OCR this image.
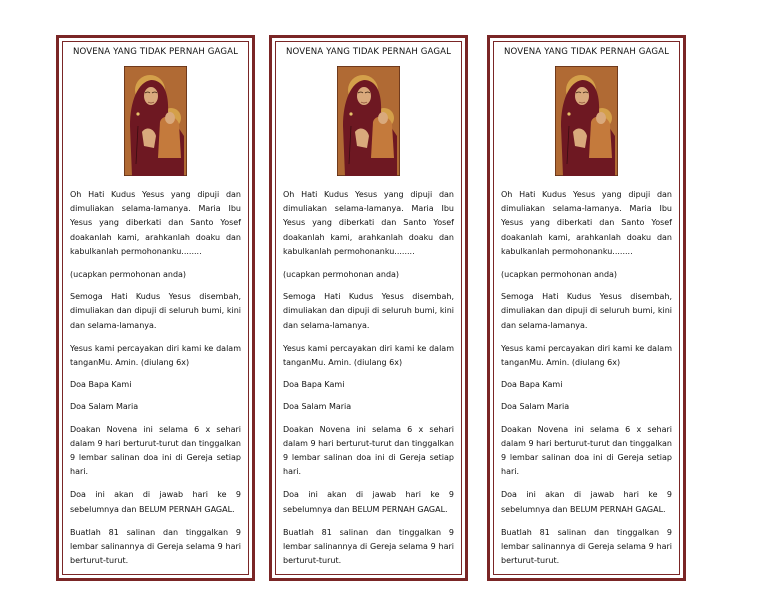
NOVENA YANG TIDAK PERNAH GAGAL

Oh Hati Kudus Yesus yang dipuji dan dimuliakan selama-lamanya. Maria Ibu Yesus yang diberkati dan Santo Yosef doakanlah kami, arahkanlah doaku dan kabulkanlah permohonanku........

(ucapkan permohonan anda)

Semoga Hati Kudus Yesus disembah, dimuliakan dan dipuji di seluruh bumi, kini dan selama-lamanya.

Yesus kami percayakan diri kami ke dalam tanganMu. Amin. (diulang 6x)

Doa Bapa Kami

Doa Salam Maria

Doakan Novena ini selama 6 x sehari dalam 9 hari berturut-turut dan tinggalkan 9 lembar salinan doa ini di Gereja setiap hari.

Doa ini akan di jawab hari ke 9 sebelumnya dan BELUM PERNAH GAGAL.

Buatlah 81 salinan dan tinggalkan 9 lembar salinannya di Gereja selama 9 hari berturut-turut.

NOVENA YANG TIDAK PERNAH GAGAL

Oh Hati Kudus Yesus yang dipuji dan dimuliakan selama-lamanya. Maria Ibu Yesus yang diberkati dan Santo Yosef doakanlah kami, arahkanlah doaku dan kabulkanlah permohonanku........

(ucapkan permohonan anda)

Semoga Hati Kudus Yesus disembah, dimuliakan dan dipuji di seluruh bumi, kini dan selama-lamanya.

Yesus kami percayakan diri kami ke dalam tanganMu. Amin. (diulang 6x)

Doa Bapa Kami

Doa Salam Maria

Doakan Novena ini selama 6 x sehari dalam 9 hari berturut-turut dan tinggalkan 9 lembar salinan doa ini di Gereja setiap hari.

Doa ini akan di jawab hari ke 9 sebelumnya dan BELUM PERNAH GAGAL.

Buatlah 81 salinan dan tinggalkan 9 lembar salinannya di Gereja selama 9 hari berturut-turut.

NOVENA YANG TIDAK PERNAH GAGAL

Oh Hati Kudus Yesus yang dipuji dan dimuliakan selama-lamanya. Maria Ibu Yesus yang diberkati dan Santo Yosef doakanlah kami, arahkanlah doaku dan kabulkanlah permohonanku........

(ucapkan permohonan anda)

Semoga Hati Kudus Yesus disembah, dimuliakan dan dipuji di seluruh bumi, kini dan selama-lamanya.

Yesus kami percayakan diri kami ke dalam tanganMu. Amin. (diulang 6x)

Doa Bapa Kami

Doa Salam Maria

Doakan Novena ini selama 6 x sehari dalam 9 hari berturut-turut dan tinggalkan 9 lembar salinan doa ini di Gereja setiap hari.

Doa ini akan di jawab hari ke 9 sebelumnya dan BELUM PERNAH GAGAL.

Buatlah 81 salinan dan tinggalkan 9 lembar salinannya di Gereja selama 9 hari berturut-turut.
